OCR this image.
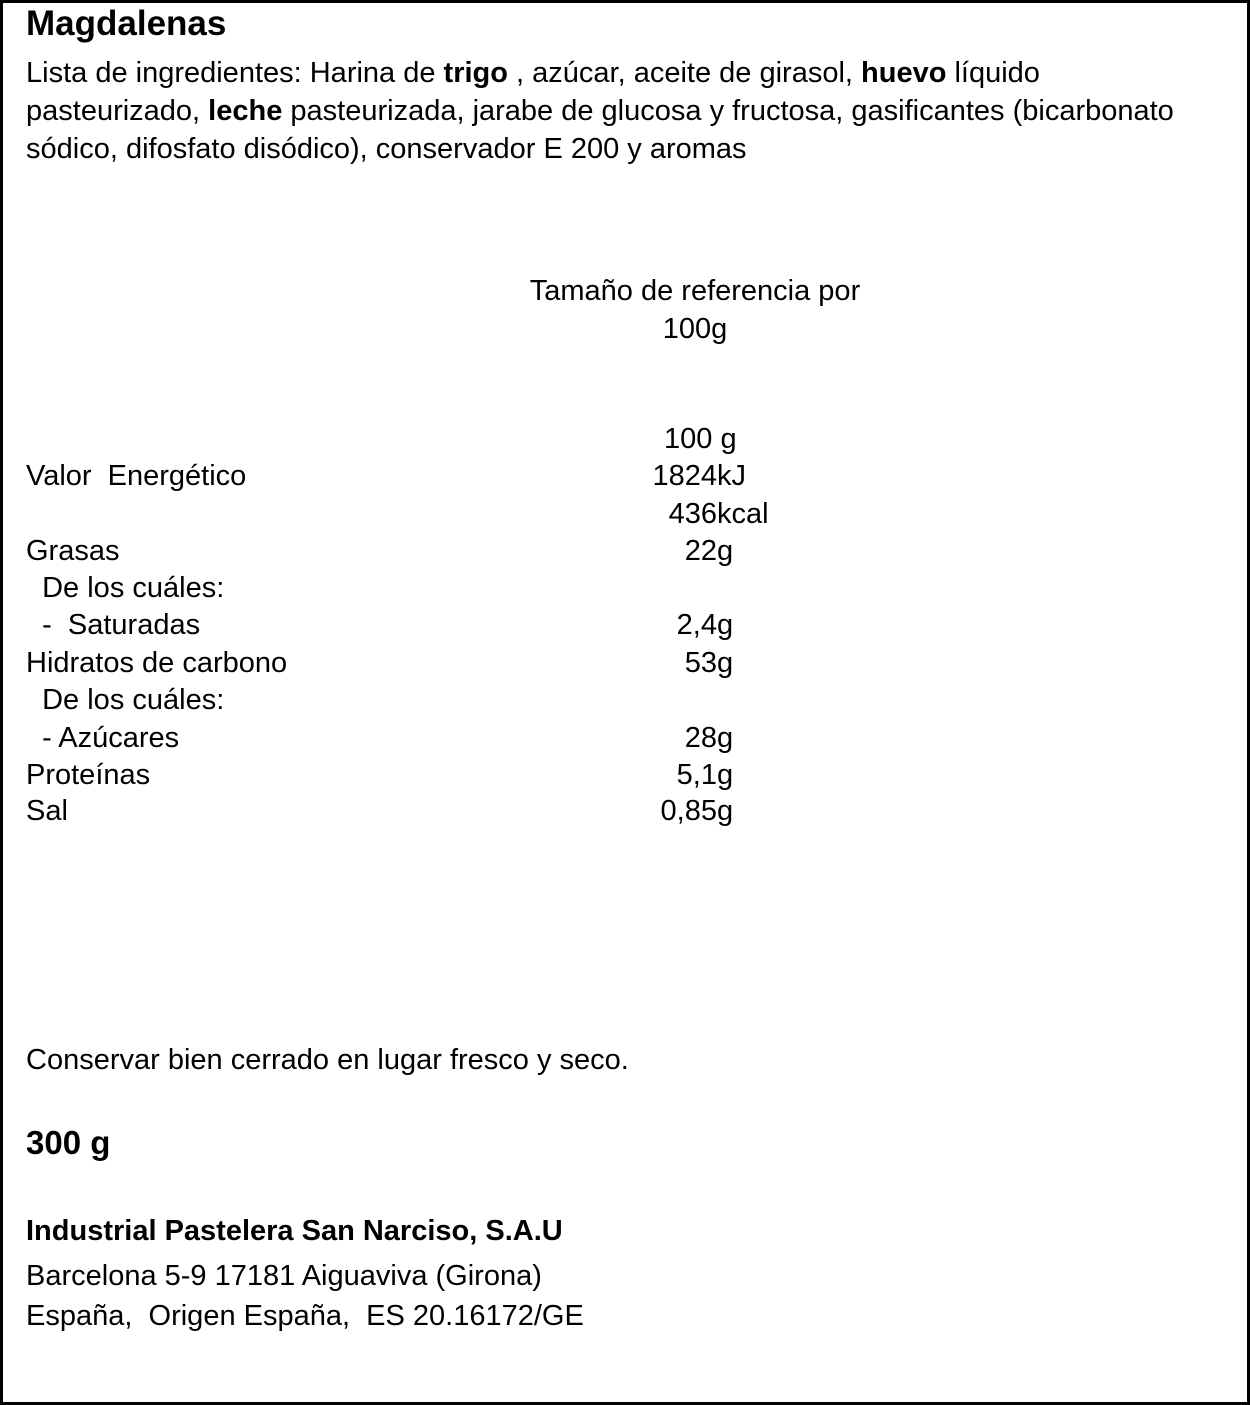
Magdalenas
Lista de ingredientes: Harina de trigo , azúcar, aceite de girasol, huevo líquido pasteurizado, leche pasteurizada, jarabe de glucosa y fructosa, gasificantes (bicarbonato sódico, difosfato disódico), conservador E 200 y aromas
Tamaño de referencia por
100g
100 g
Valor  Energético	1824 kJ
436 kcal
Grasas	22 g
De los cuáles:
-  Saturadas	2,4 g
Hidratos de carbono	53 g
De los cuáles:
- Azúcares	28 g
Proteínas	5,1 g
Sal	0,85 g
Conservar bien cerrado en lugar fresco y seco.
300 g
Industrial Pastelera San Narciso, S.A.U
Barcelona 5-9 17181 Aiguaviva (Girona)
España,  Origen España,  ES 20.16172/GE
